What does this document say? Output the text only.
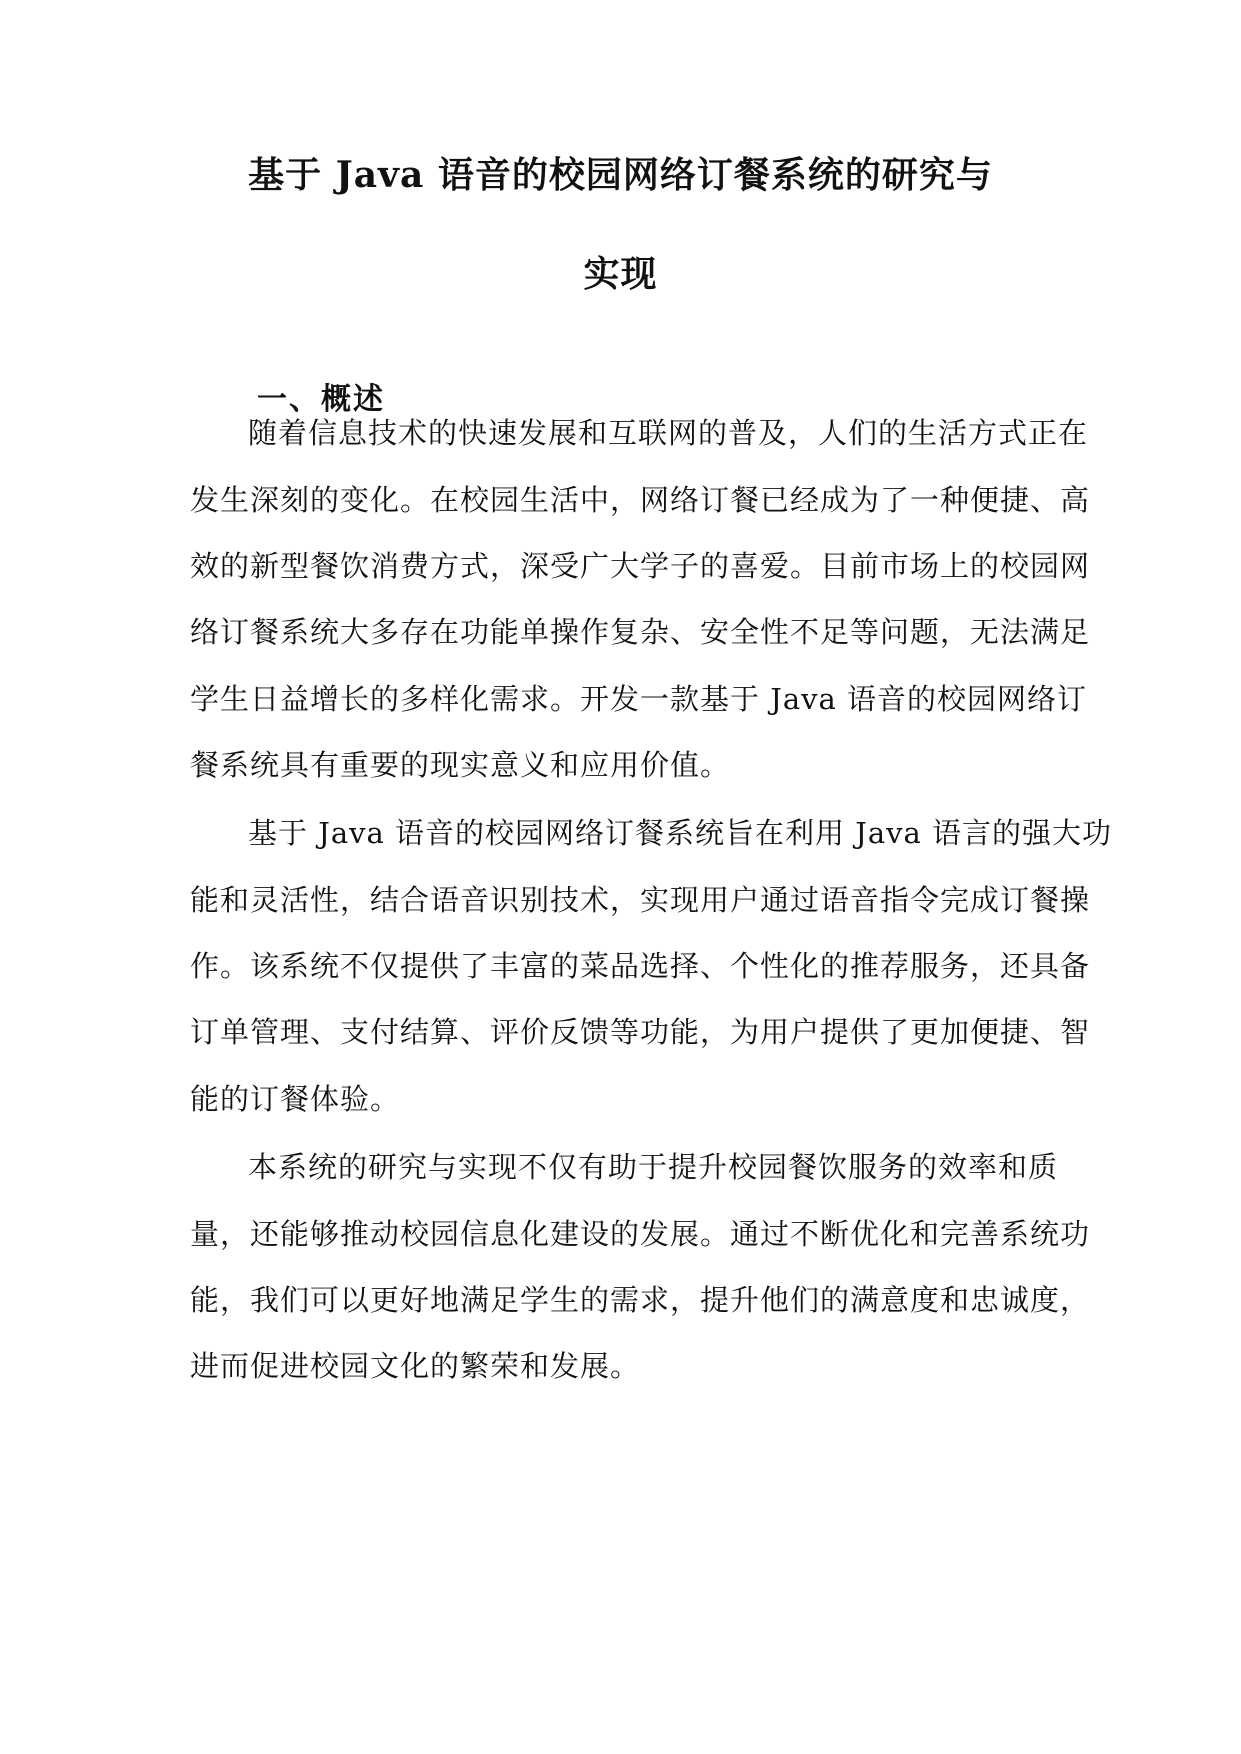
基于 Java 语音的校园网络订餐系统的研究与
实现
一、概述
随着信息技术的快速发展和互联网的普及，人们的生活方式正在
发生深刻的变化。在校园生活中，网络订餐已经成为了一种便捷、高
效的新型餐饮消费方式，深受广大学子的喜爱。目前市场上的校园网
络订餐系统大多存在功能单操作复杂、安全性不足等问题，无法满足
学生日益增长的多样化需求。开发一款基于 Java 语音的校园网络订
餐系统具有重要的现实意义和应用价值。
基于 Java 语音的校园网络订餐系统旨在利用 Java 语言的强大功
能和灵活性，结合语音识别技术，实现用户通过语音指令完成订餐操
作。该系统不仅提供了丰富的菜品选择、个性化的推荐服务，还具备
订单管理、支付结算、评价反馈等功能，为用户提供了更加便捷、智
能的订餐体验。
本系统的研究与实现不仅有助于提升校园餐饮服务的效率和质
量，还能够推动校园信息化建设的发展。通过不断优化和完善系统功
能，我们可以更好地满足学生的需求，提升他们的满意度和忠诚度，
进而促进校园文化的繁荣和发展。
